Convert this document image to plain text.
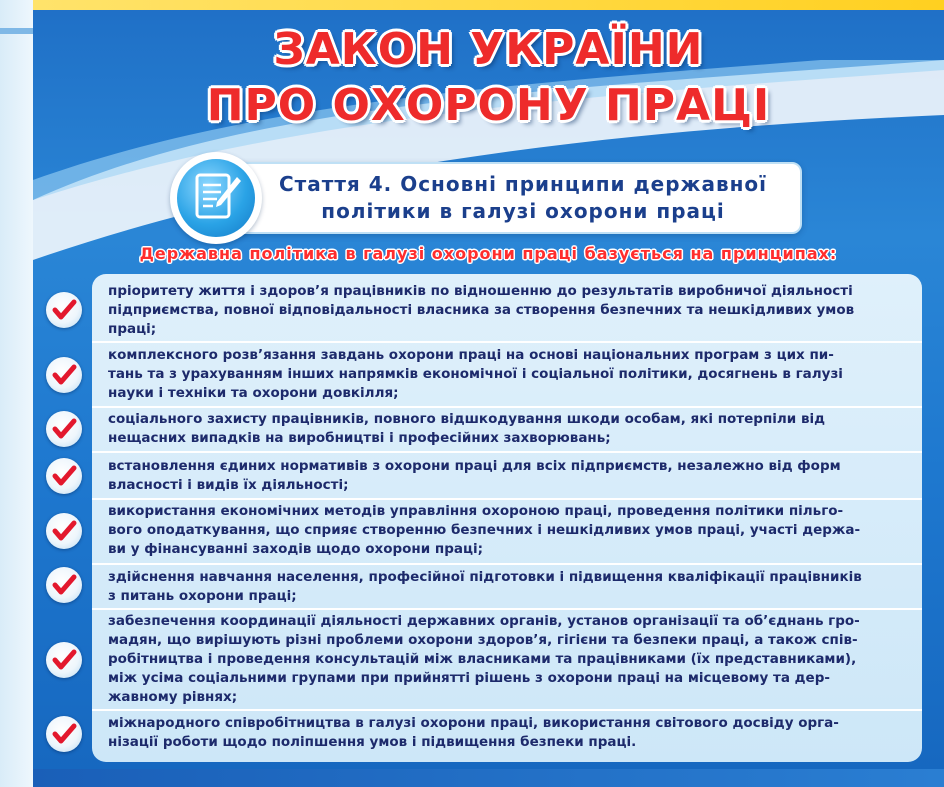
ЗАКОН УКРАЇНИ
ПРО ОХОРОНУ ПРАЦІ
Стаття 4. Основні принципи державної
політики в галузі охорони праці
Державна політика в галузі охорони праці базується на принципах:
пріоритету життя і здоров’я працівників по відношенню до результатів виробничої діяльності
підприємства, повної відповідальності власника за створення безпечних та нешкідливих умов
праці;
комплексного розв’язання завдань охорони праці на основі національних програм з цих пи-
тань та з урахуванням інших напрямків економічної і соціальної політики, досягнень в галузі
науки і техніки та охорони довкілля;
соціального захисту працівників, повного відшкодування шкоди особам, які потерпіли від
нещасних випадків на виробництві і професійних захворювань;
встановлення єдиних нормативів з охорони праці для всіх підприємств, незалежно від форм
власності і видів їх діяльності;
використання економічних методів управління охороною праці, проведення політики пільго-
вого оподаткування, що сприяє створенню безпечних і нешкідливих умов праці, участі держа-
ви у фінансуванні заходів щодо охорони праці;
здійснення навчання населення, професійної підготовки і підвищення кваліфікації працівників
з питань охорони праці;
забезпечення координації діяльності державних органів, установ організації та об’єднань гро-
мадян, що вирішують різні проблеми охорони здоров’я, гігієни та безпеки праці, а також спів-
робітництва і проведення консультацій між власниками та працівниками (їх представниками),
між усіма соціальними групами при прийнятті рішень з охорони праці на місцевому та дер-
жавному рівнях;
міжнародного співробітництва в галузі охорони праці, використання світового досвіду орга-
нізації роботи щодо поліпшення умов і підвищення безпеки праці.
